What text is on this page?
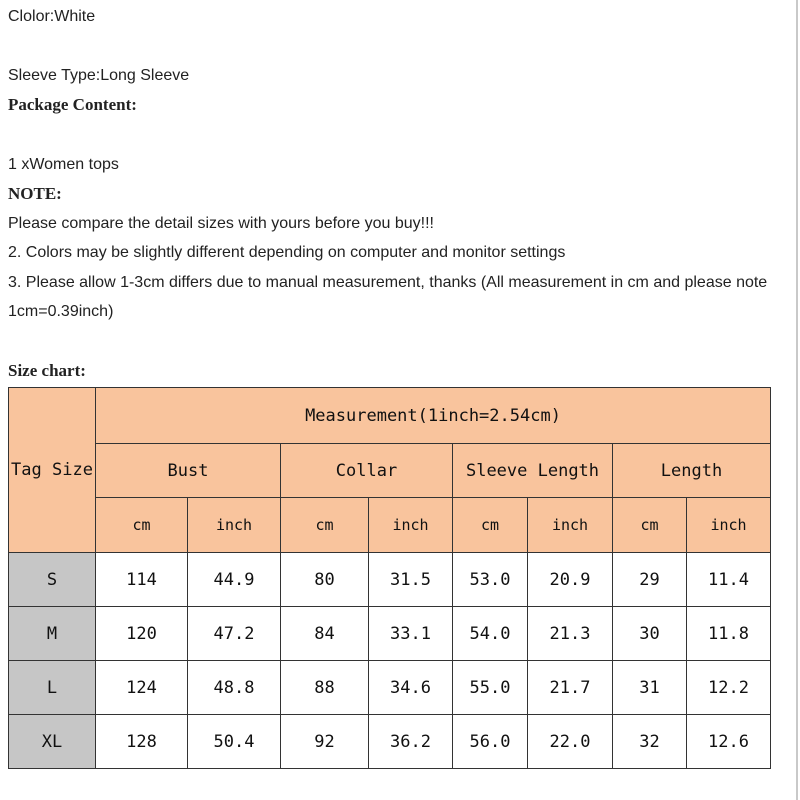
Clolor:White
Sleeve Type:Long Sleeve
Package Content:
1 xWomen tops
NOTE:
Please compare the detail sizes with yours before you buy!!!
2. Colors may be slightly different depending on computer and monitor settings
3. Please allow 1-3cm differs due to manual measurement, thanks (All measurement in cm and please note
1cm=0.39inch)
Size chart:
Tag Size	Measurement(1inch=2.54cm)							
	Bust		Collar		Sleeve Length		Length	
	cm	inch	cm	inch	cm	inch	cm	inch
S	114	44.9	80	31.5	53.0	20.9	29	11.4
M	120	47.2	84	33.1	54.0	21.3	30	11.8
L	124	48.8	88	34.6	55.0	21.7	31	12.2
XL	128	50.4	92	36.2	56.0	22.0	32	12.6
